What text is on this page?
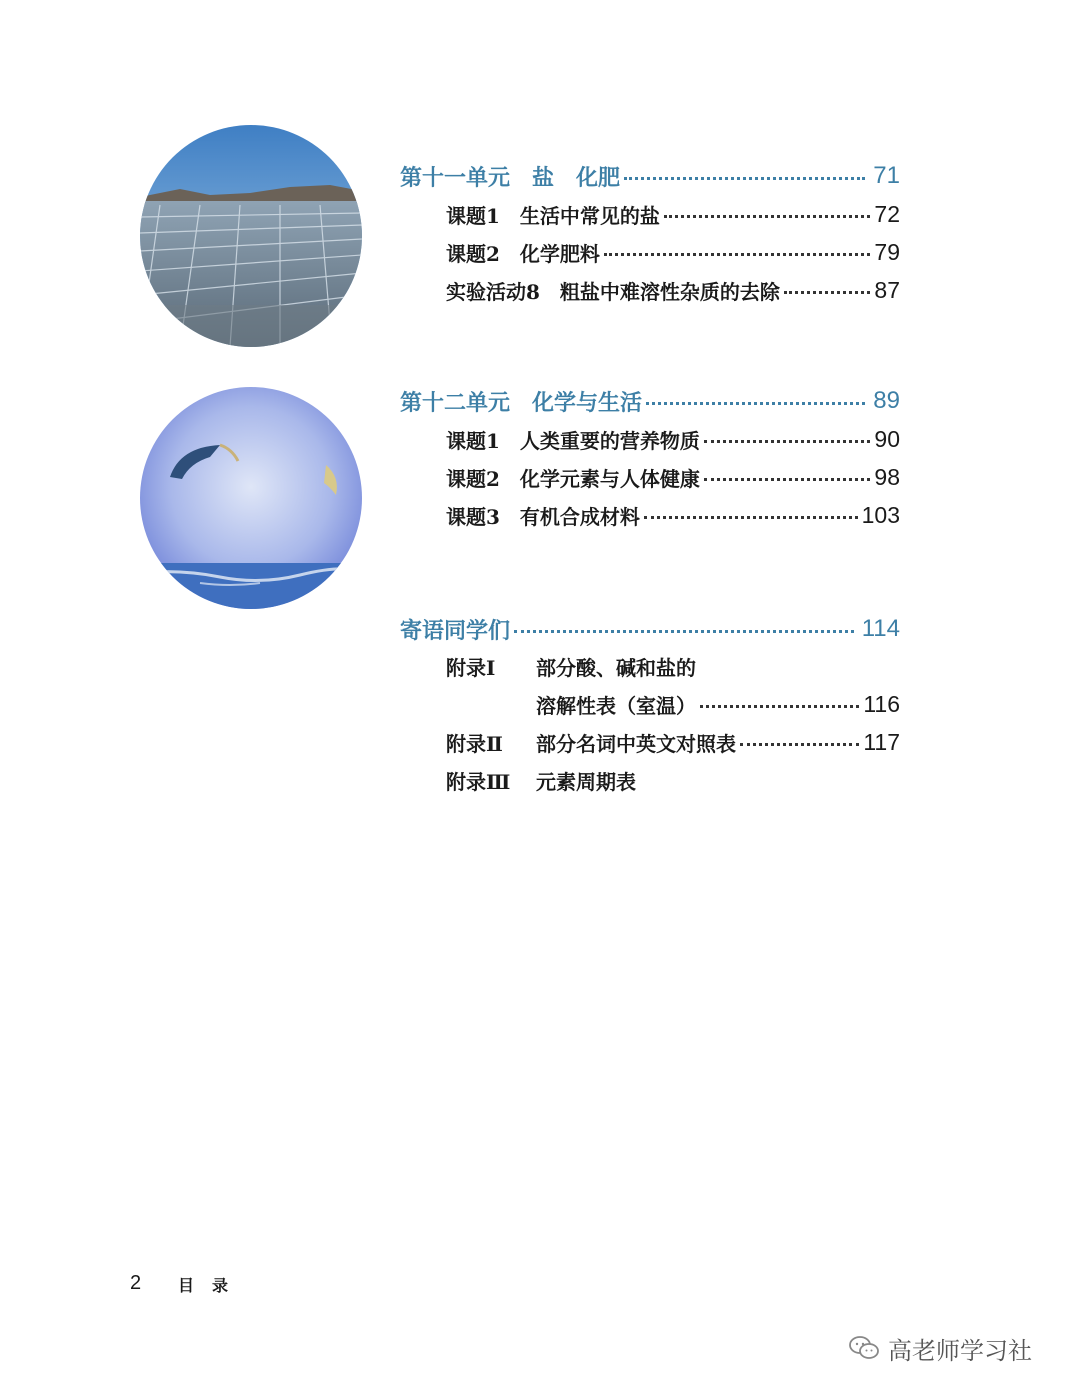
第十一单元　盐　化肥	71
课题1　生活中常见的盐	72
课题2　化学肥料	79
实验活动8　粗盐中难溶性杂质的去除	87
第十二单元　化学与生活	89
课题1　人类重要的营养物质	90
课题2　化学元素与人体健康	98
课题3　有机合成材料	103
寄语同学们	114
附录Ⅰ	部分酸、碱和盐的
溶解性表（室温）	116
附录Ⅱ	部分名词中英文对照表	117
附录Ⅲ	元素周期表
2 目录
高老师学习社
